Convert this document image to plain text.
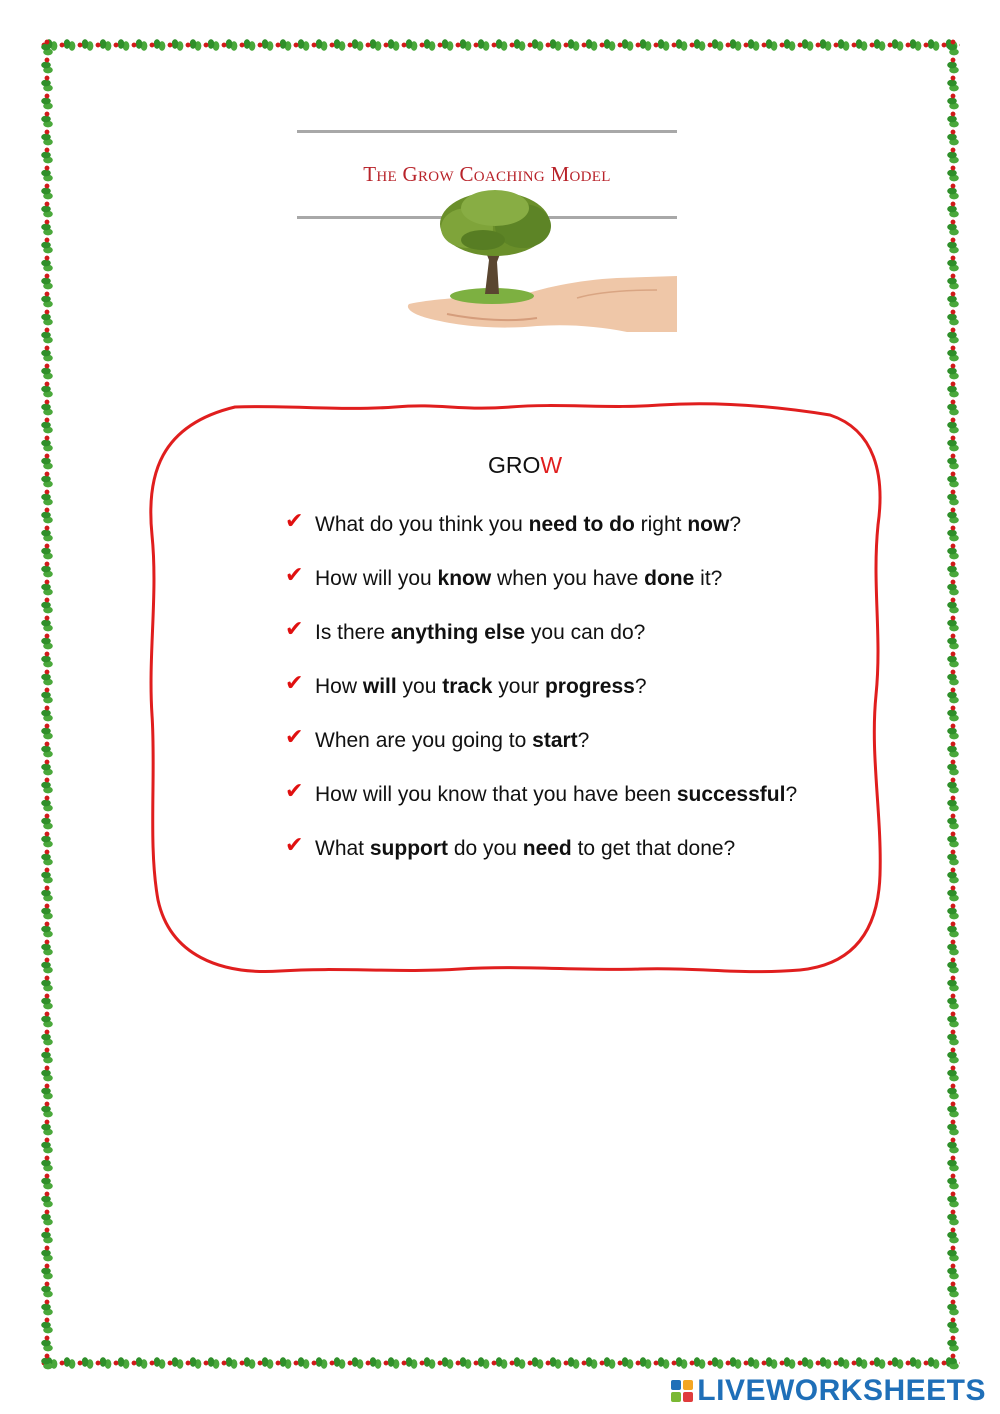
The Grow Coaching Model
GROW
✔ What do you think you need to do right now?
✔ How will you know when you have done it?
✔ Is there anything else you can do?
✔ How will you track your progress?
✔ When are you going to start?
✔ How will you know that you have been successful?
✔ What support do you need to get that done?
LIVEWORKSHEETS
